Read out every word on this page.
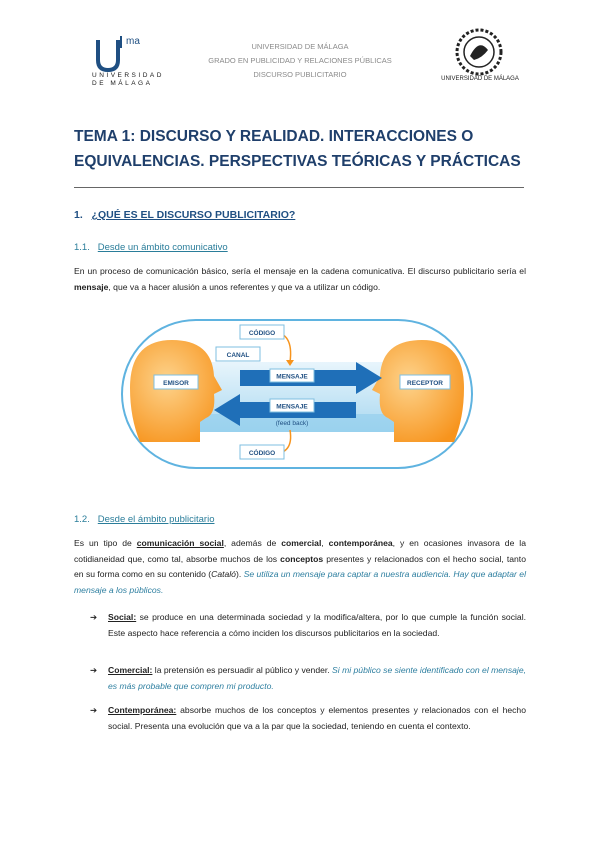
ma
UNIVERSIDAD
DE MÁLAGA
UNIVERSIDAD DE MÁLAGA
GRADO EN PUBLICIDAD Y RELACIONES PÚBLICAS
DISCURSO PUBLICITARIO	UNIVERSIDAD DE MÁLAGA
TEMA 1: DISCURSO Y REALIDAD. INTERACCIONES O EQUIVALENCIAS. PERSPECTIVAS TEÓRICAS Y PRÁCTICAS
1. ¿QUÉ ES EL DISCURSO PUBLICITARIO?
1.1. Desde un ámbito comunicativo
En un proceso de comunicación básico, sería el mensaje en la cadena comunicativa. El discurso publicitario sería el mensaje, que va a hacer alusión a unos referentes y que va a utilizar un código.
CÓDIGO
CANAL
EMISOR
MENSAJE
RECEPTOR
MENSAJE
(feed back)
CÓDIGO
1.2. Desde el ámbito publicitario
Es un tipo de comunicación social, además de comercial, contemporánea, y en ocasiones invasora de la cotidianeidad que, como tal, absorbe muchos de los conceptos presentes y relacionados con el hecho social, tanto en su forma como en su contenido (Cataló). Se utiliza un mensaje para captar a nuestra audiencia. Hay que adaptar el mensaje a los públicos.
➔ Social: se produce en una determinada sociedad y la modifica/altera, por lo que cumple la función social. Este aspecto hace referencia a cómo inciden los discursos publicitarios en la sociedad.
➔ Comercial: la pretensión es persuadir al público y vender. Si mi público se siente identificado con el mensaje, es más probable que compren mi producto.
➔ Contemporánea: absorbe muchos de los conceptos y elementos presentes y relacionados con el hecho social. Presenta una evolución que va a la par que la sociedad, teniendo en cuenta el contexto.
